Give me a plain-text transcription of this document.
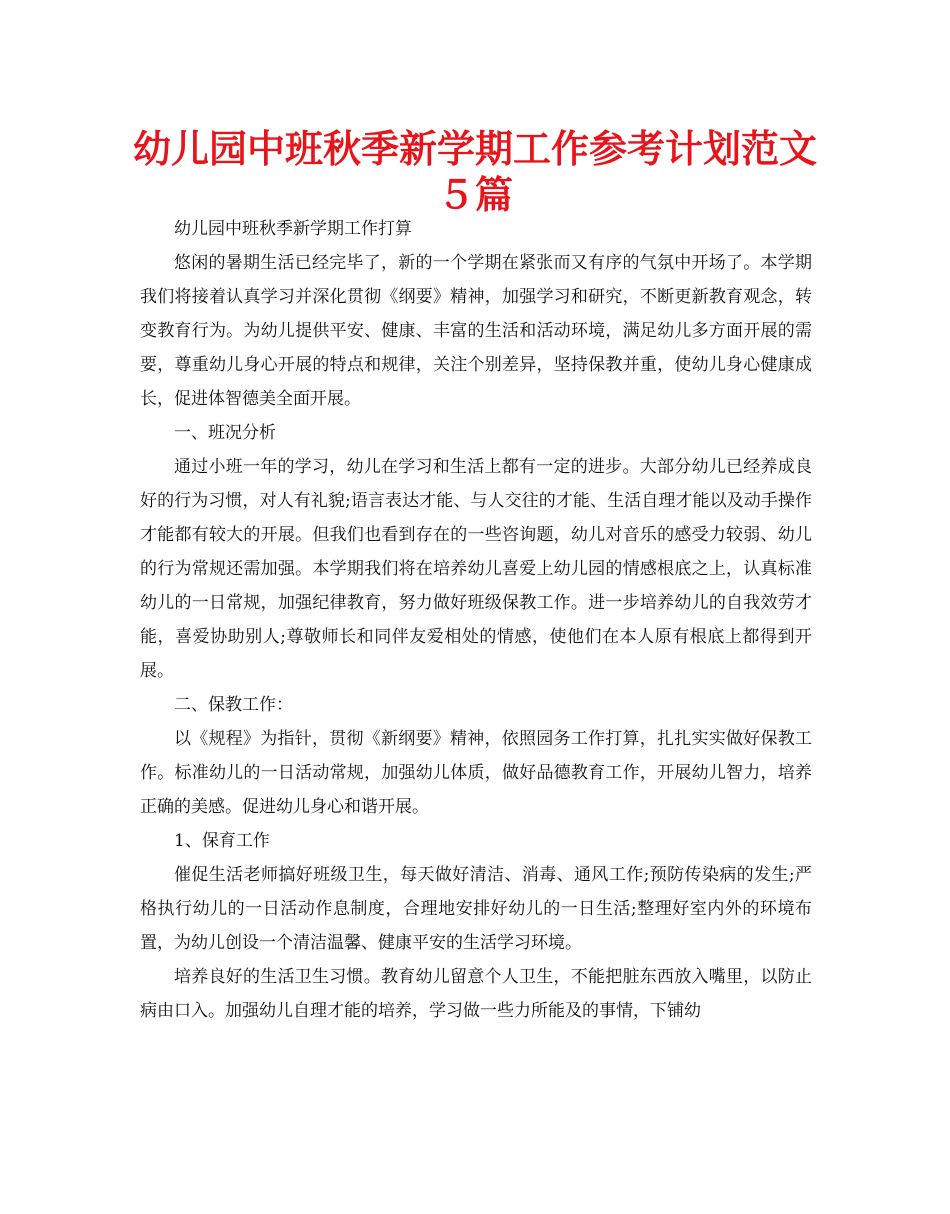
幼儿园中班秋季新学期工作参考计划范文５篇

幼儿园中班秋季新学期工作打算

悠闲的暑期生活已经完毕了，新的一个学期在紧张而又有序的气氛中开场了。本学期我们将接着认真学习并深化贯彻《纲要》精神，加强学习和研究，不断更新教育观念，转变教育行为。为幼儿提供平安、健康、丰富的生活和活动环境，满足幼儿多方面开展的需要，尊重幼儿身心开展的特点和规律，关注个别差异，坚持保教并重，使幼儿身心健康成长，促进体智德美全面开展。

一、班况分析

通过小班一年的学习，幼儿在学习和生活上都有一定的进步。大部分幼儿已经养成良好的行为习惯，对人有礼貌;语言表达才能、与人交往的才能、生活自理才能以及动手操作才能都有较大的开展。但我们也看到存在的一些咨询题，幼儿对音乐的感受力较弱、幼儿的行为常规还需加强。本学期我们将在培养幼儿喜爱上幼儿园的情感根底之上，认真标准幼儿的一日常规，加强纪律教育，努力做好班级保教工作。进一步培养幼儿的自我效劳才能，喜爱协助别人;尊敬师长和同伴友爱相处的情感，使他们在本人原有根底上都得到开展。

二、保教工作：

以《规程》为指针，贯彻《新纲要》精神，依照园务工作打算，扎扎实实做好保教工作。标准幼儿的一日活动常规，加强幼儿体质，做好品德教育工作，开展幼儿智力，培养正确的美感。促进幼儿身心和谐开展。

1、保育工作

催促生活老师搞好班级卫生，每天做好清洁、消毒、通风工作;预防传染病的发生;严格执行幼儿的一日活动作息制度，合理地安排好幼儿的一日生活;整理好室内外的环境布置，为幼儿创设一个清洁温馨、健康平安的生活学习环境。

培养良好的生活卫生习惯。教育幼儿留意个人卫生，不能把脏东西放入嘴里，以防止病由口入。加强幼儿自理才能的培养，学习做一些力所能及的事情，下铺幼
